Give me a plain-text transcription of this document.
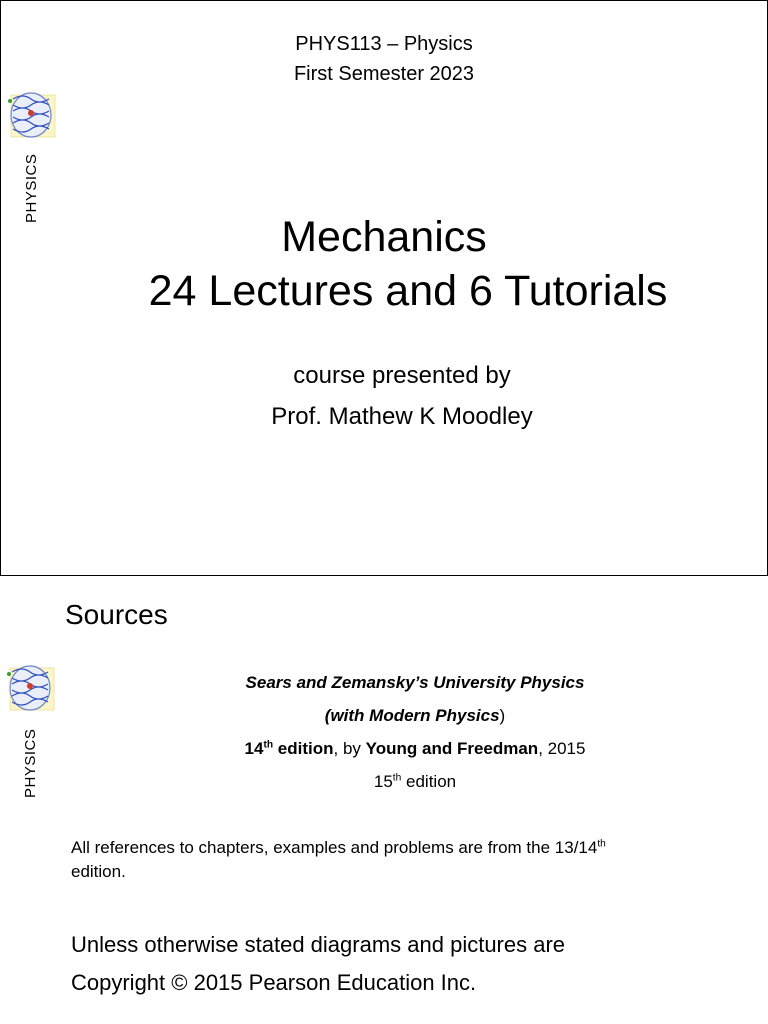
PHYS113 – Physics
First Semester 2023
PHYSICS
Mechanics
24 Lectures and 6 Tutorials
course presented by
Prof. Mathew K Moodley
Sources
PHYSICS
Sears and Zemansky’s University Physics
(with Modern Physics)
14th edition, by Young and Freedman, 2015
15th edition
All references to chapters, examples and problems are from the 13/14th
edition.
Unless otherwise stated diagrams and pictures are
Copyright © 2015 Pearson Education Inc.
